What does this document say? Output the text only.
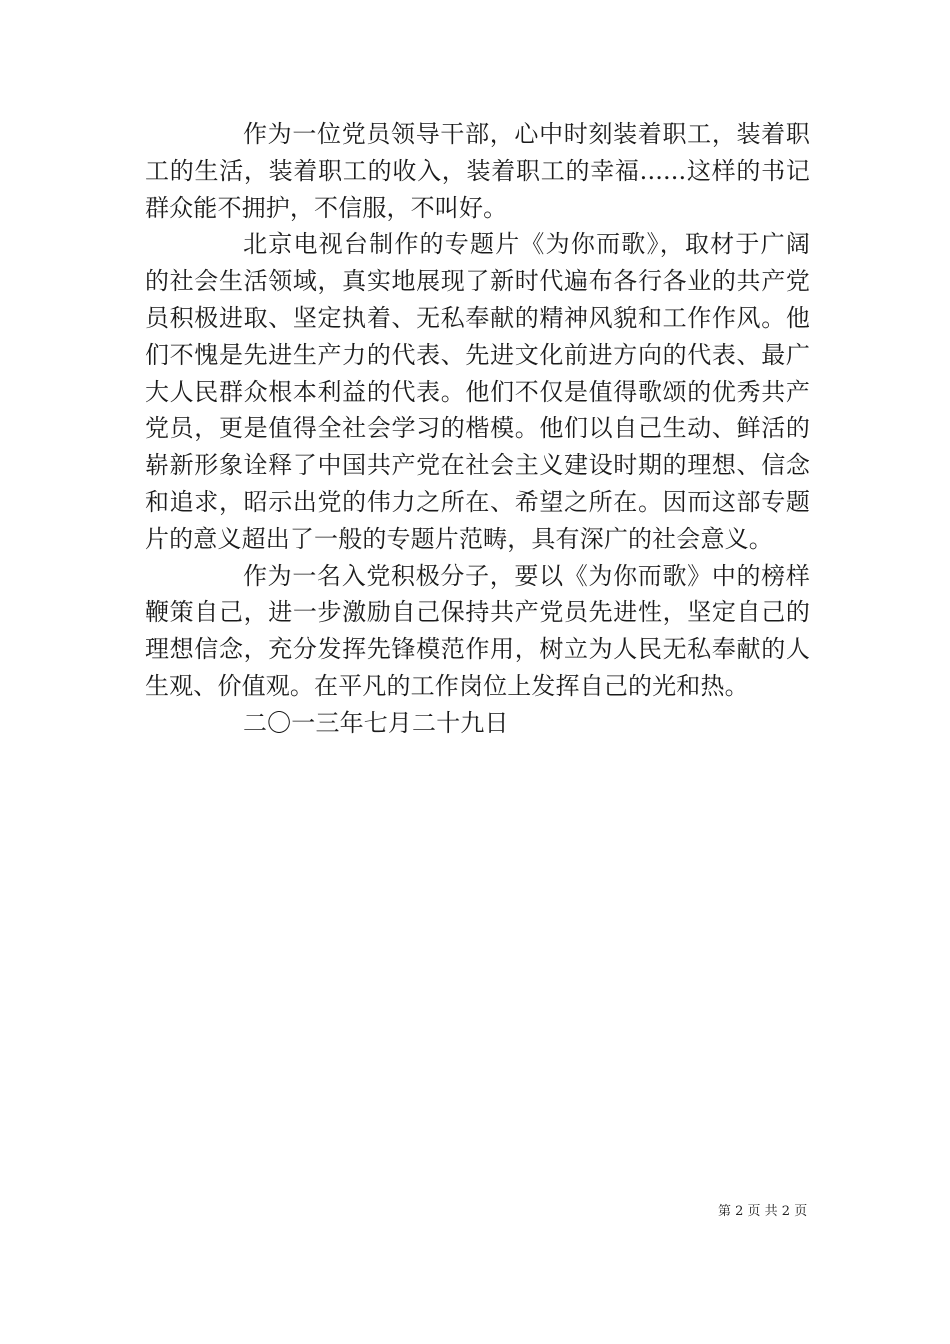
作为一位党员领导干部，心中时刻装着职工，装着职工的生活，装着职工的收入，装着职工的幸福......这样的书记群众能不拥护，不信服，不叫好。

北京电视台制作的专题片《为你而歌》，取材于广阔的社会生活领域，真实地展现了新时代遍布各行各业的共产党员积极进取、坚定执着、无私奉献的精神风貌和工作作风。他们不愧是先进生产力的代表、先进文化前进方向的代表、最广大人民群众根本利益的代表。他们不仅是值得歌颂的优秀共产党员，更是值得全社会学习的楷模。他们以自己生动、鲜活的崭新形象诠释了中国共产党在社会主义建设时期的理想、信念和追求，昭示出党的伟力之所在、希望之所在。因而这部专题片的意义超出了一般的专题片范畴，具有深广的社会意义。

作为一名入党积极分子，要以《为你而歌》中的榜样鞭策自己，进一步激励自己保持共产党员先进性，坚定自己的理想信念，充分发挥先锋模范作用，树立为人民无私奉献的人生观、价值观。在平凡的工作岗位上发挥自己的光和热。

二〇一三年七月二十九日

第 2 页 共 2 页
